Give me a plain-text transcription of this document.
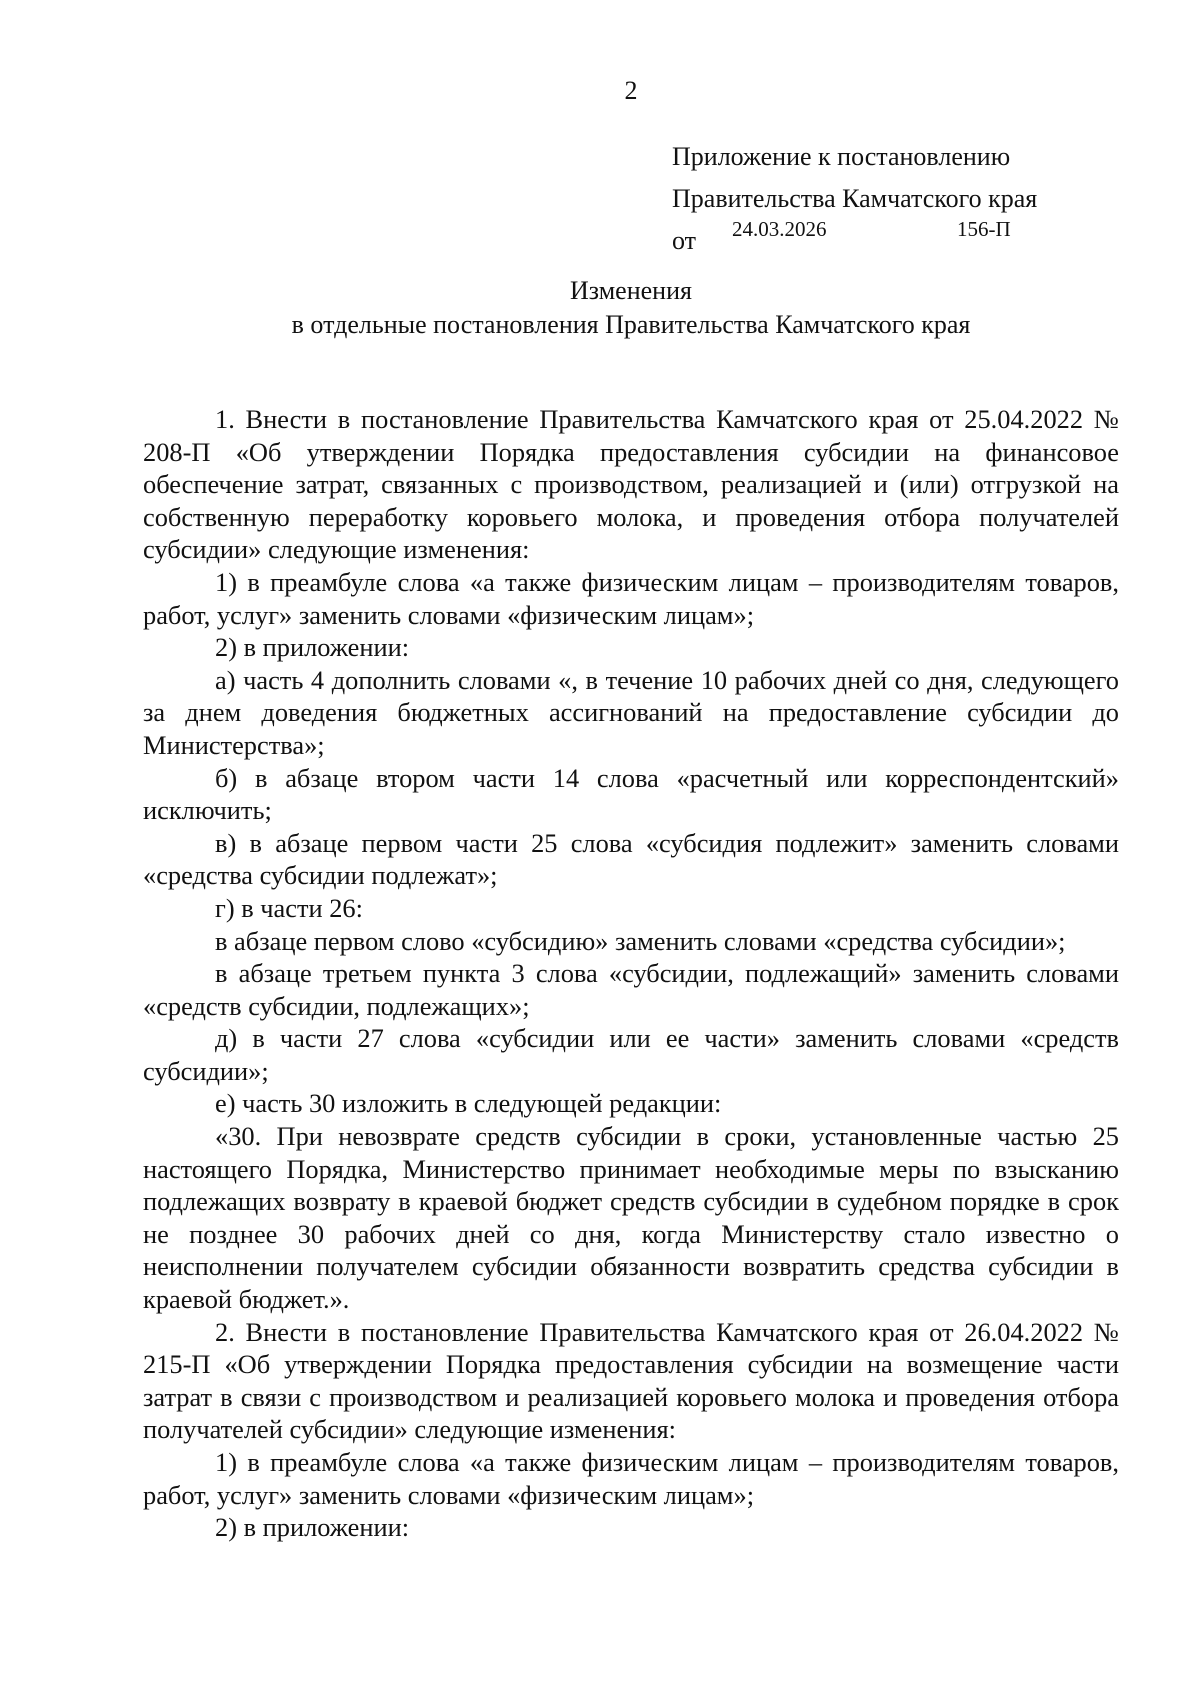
2
Приложение к постановлению
Правительства Камчатского края
от 24.03.2026	156-П
Изменения
в отдельные постановления Правительства Камчатского края

1. Внести в постановление Правительства Камчатского края от 25.04.2022 № 208-П «Об утверждении Порядка предоставления субсидии на финансовое обеспечение затрат, связанных с производством, реализацией и (или) отгрузкой на собственную переработку коровьего молока, и проведения отбора получателей субсидии» следующие изменения:

1) в преамбуле слова «а также физическим лицам – производителям товаров, работ, услуг» заменить словами «физическим лицам»;

2) в приложении:

а) часть 4 дополнить словами «, в течение 10 рабочих дней со дня, следующего за днем доведения бюджетных ассигнований на предоставление субсидии до Министерства»;

б) в абзаце втором части 14 слова «расчетный или корреспондентский» исключить;

в) в абзаце первом части 25 слова «субсидия подлежит» заменить словами «средства субсидии подлежат»;

г) в части 26:

в абзаце первом слово «субсидию» заменить словами «средства субсидии»;

в абзаце третьем пункта 3 слова «субсидии, подлежащий» заменить словами «средств субсидии, подлежащих»;

д) в части 27 слова «субсидии или ее части» заменить словами «средств субсидии»;

е) часть 30 изложить в следующей редакции:

«30. При невозврате средств субсидии в сроки, установленные частью 25 настоящего Порядка, Министерство принимает необходимые меры по взысканию подлежащих возврату в краевой бюджет средств субсидии в судебном порядке в срок не позднее 30 рабочих дней со дня, когда Министерству стало известно о неисполнении получателем субсидии обязанности возвратить средства субсидии в краевой бюджет.».

2. Внести в постановление Правительства Камчатского края от 26.04.2022 № 215-П «Об утверждении Порядка предоставления субсидии на возмещение части затрат в связи с производством и реализацией коровьего молока и проведения отбора получателей субсидии» следующие изменения:

1) в преамбуле слова «а также физическим лицам – производителям товаров, работ, услуг» заменить словами «физическим лицам»;

2) в приложении:
